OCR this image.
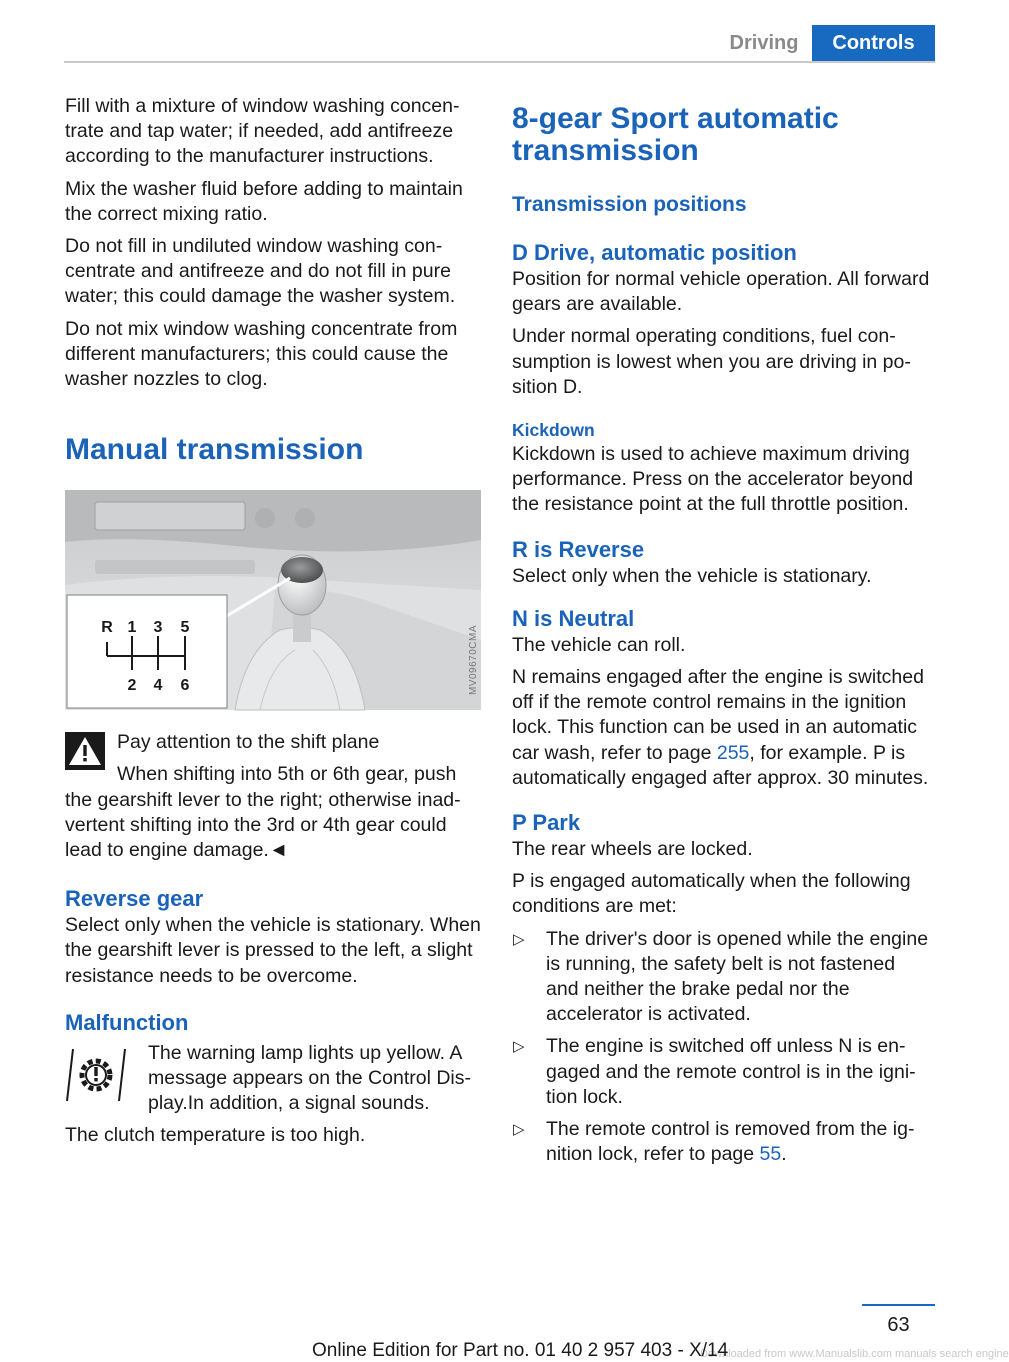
Driving	Controls

Fill with a mixture of window washing concentrate and tap water; if needed, add antifreeze according to the manufacturer instructions.

Mix the washer fluid before adding to maintain the correct mixing ratio.

Do not fill in undiluted window washing concentrate and antifreeze and do not fill in pure water; this could damage the washer system.

Do not mix window washing concentrate from different manufacturers; this could cause the washer nozzles to clog.

Manual transmission
R 1 3 5
2 4 6	MV09670CMA

Pay attention to the shift plane

When shifting into 5th or 6th gear, push

the gearshift lever to the right; otherwise inadvertent shifting into the 3rd or 4th gear could lead to engine damage.◄

Reverse gear

Select only when the vehicle is stationary. When the gearshift lever is pressed to the left, a slight resistance needs to be overcome.

Malfunction

The warning lamp lights up yellow. A message appears on the Control Display.In addition, a signal sounds.

The clutch temperature is too high.

8-gear Sport automatic transmission
Transmission positions
D Drive, automatic position

Position for normal vehicle operation. All forward gears are available.

Under normal operating conditions, fuel consumption is lowest when you are driving in position D.

Kickdown

Kickdown is used to achieve maximum driving performance. Press on the accelerator beyond the resistance point at the full throttle position.

R is Reverse

Select only when the vehicle is stationary.

N is Neutral

The vehicle can roll.

N remains engaged after the engine is switched off if the remote control remains in the ignition lock. This function can be used in an automatic car wash, refer to page 255, for example. P is automatically engaged after approx. 30 minutes.

P Park

The rear wheels are locked.

P is engaged automatically when the following conditions are met:

▷ The driver's door is opened while the engine is running, the safety belt is not fastened and neither the brake pedal nor the accelerator is activated.
▷ The engine is switched off unless N is engaged and the remote control is in the ignition lock.
▷ The remote control is removed from the ignition lock, refer to page 55.
63
Downloaded from www.Manualslib.com manuals search engine
Online Edition for Part no. 01 40 2 957 403 - X/14
